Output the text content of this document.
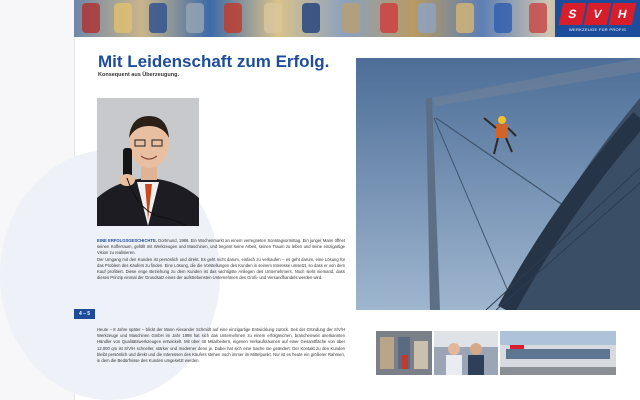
S	V	H
WERKZEUGE FÜR PROFIS
Mit Leidenschaft zum Erfolg.
Konsequent aus Überzeugung.

EINE ERFOLGSGESCHICHTE. Dortmund, 1986. Ein Wochenmarkt an einem verregneten Sonntagvormittag. Ein junger Mann öffnet seinen Kofferraum, gefüllt mit Werkzeugen und Maschinen, und beginnt seine Arbeit, seinen Traum zu leben und seine einzigartige Vision zu realisieren.

Der Umgang mit den Kunden ist persönlich und direkt. Es geht nicht darum, einfach zu verkaufen – es geht darum, eine Lösung für das Problem des Käufers zu finden. Eine Lösung, die die Vorstellungen des Kunden in seinem Interesse umsetzt, so dass er von dem Kauf profitiert. Diese enge Beziehung zu dem Kunden ist das wichtigste Anliegen des Unternehmers. Noch sieht niemand, dass dieses Prinzip einmal der Grundsatz eines der aufstrebensten Unternehmen des Groß- und Versandhandels werden wird.

4 – 5

Heute – 8 Jahre später – blickt der Mann Alexander Schmidt auf eine einzigartige Entwicklung zurück. Seit der Gründung der S/V/H Werkzeuge und Maschinen GmbH im Jahr 1998 hat sich das Unternehmen zu einem erfolgreichen, branchenweit anerkannten Händler von Qualitätswerkzeugen entwickelt. Mit über 40 Mitarbeitern, eigenen Verkaufsräumen auf einer Gesamtfläche von über 12.000 qm ist S/V/H schneller, stärker und moderner denn je. Dabei hat sich eine Sache nie geändert: Der Kontakt zu den Kunden bleibt persönlich und direkt und die Interessen des Käufers stehen noch immer im Mittelpunkt. Nur ist es heute ein größerer Rahmen, in dem die Bedürfnisse des Kunden umgesetzt werden.
